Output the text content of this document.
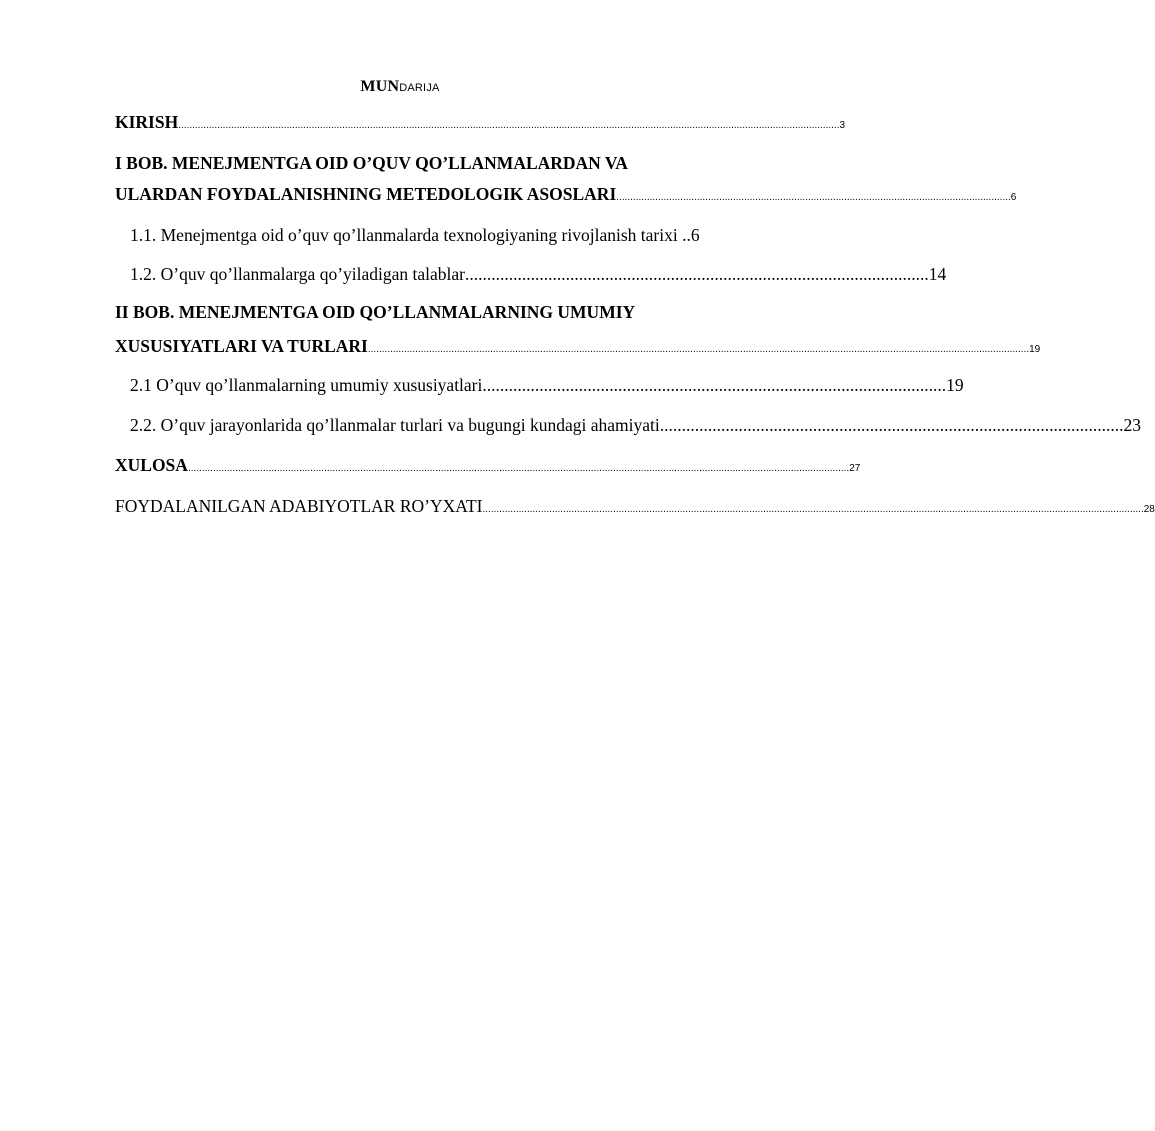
MUNDARIJA
KIRISH .............................................................................................................................................................................................................................................. 3
I BOB. MENEJMENTGA OID O’QUV QO’LLANMALARDAN VA
ULARDAN FOYDALANISHNING METEDOLOGIK ASOSLARI .............................................................................................................................................. 6
1.1. Menejmentga oid o’quv qo’llanmalarda texnologiyaning rivojlanish tarixi .. 6
1.2. O’quv qo’llanmalarga qo’yiladigan talablar .......................................................................................................... 14
II BOB. MENEJMENTGA OID QO’LLANMALARNING UMUMIY
XUSUSIYATLARI VA TURLARI .............................................................................................................................................................................................................................................. 19
2.1 O’quv qo’llanmalarning umumiy xususiyatlari .......................................................................................................... 19
2.2. O’quv jarayonlarida qo’llanmalar turlari va bugungi kundagi ahamiyati .......................................................................................................... 23
XULOSA .............................................................................................................................................................................................................................................. 27
FOYDALANILGAN ADABIYOTLAR RO’YXATI .............................................................................................................................................................................................................................................. 28
